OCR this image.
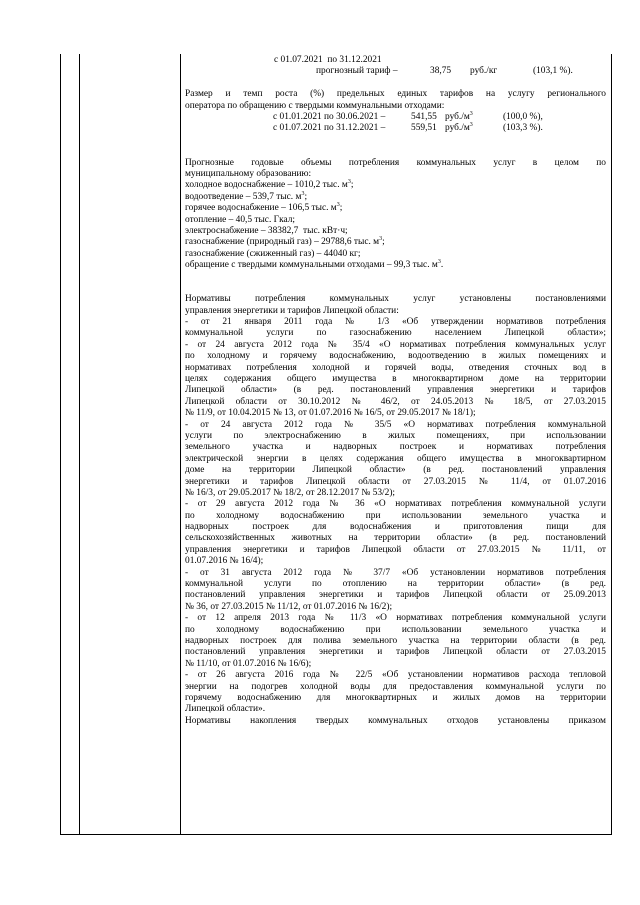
с 01.07.2021  по 31.12.2021
прогнозный тариф –	38,75	руб./кг	(103,1 %).
Размер и темп роста (%) предельных единых тарифов на услугу регионального
оператора по обращению с твердыми коммунальными отходами:
с 01.01.2021 по 30.06.2021 –	541,55 $руб./м^3$	(100,0 %),
с 01.07.2021 по 31.12.2021 –	559,51 $руб./м^3$	(103,3 %).
Прогнозные годовые объемы потребления коммунальных услуг в целом по
муниципальному образованию:
холодное водоснабжение – 1010,2 тыс. $м^3$;
водоотведение – 539,7 тыс. $м^3$;
горячее водоснабжение – 106,5 тыс. $м^3$;
отопление – 40,5 тыс. Гкал;
электроснабжение – 38382,7  тыс. кВт·ч;
газоснабжение (природный газ) – 29788,6 тыс. $м^3$;
газоснабжение (сжиженный газ) – 44040 кг;
обращение с твердыми коммунальными отходами – 99,3 тыс. $м^3$.
Нормативы потребления коммунальных услуг установлены постановлениями
управления энергетики и тарифов Липецкой области:
- от 21 января 2011 года № 1/3 «Об утверждении нормативов потребления
коммунальной услуги по газоснабжению населением Липецкой области»;
- от 24 августа 2012 года № 35/4 «О нормативах потребления коммунальных услуг
по холодному и горячему водоснабжению, водоотведению в жилых помещениях и
нормативах потребления холодной и горячей воды, отведения сточных вод в
целях содержания общего имущества в многоквартирном доме на территории
Липецкой области» (в ред. постановлений управления энергетики и тарифов
Липецкой области от 30.10.2012 № 46/2, от 24.05.2013 № 18/5, от 27.03.2015
№ 11/9, от 10.04.2015 № 13, от 01.07.2016 № 16/5, от 29.05.2017 № 18/1);
- от 24 августа 2012 года № 35/5 «О нормативах потребления коммунальной
услуги по электроснабжению в жилых помещениях, при использовании
земельного участка и надворных построек и нормативах потребления
электрической энергии в целях содержания общего имущества в многоквартирном
доме на территории Липецкой области» (в ред. постановлений управления
энергетики и тарифов Липецкой области от 27.03.2015 № 11/4, от 01.07.2016
№ 16/3, от 29.05.2017 № 18/2, от 28.12.2017 № 53/2);
- от 29 августа 2012 года № 36 «О нормативах потребления коммунальной услуги
по холодному водоснабжению при использовании земельного участка и
надворных построек для водоснабжения и приготовления пищи для
сельскохозяйственных животных на территории области» (в ред. постановлений
управления энергетики и тарифов Липецкой области от 27.03.2015 № 11/11, от
01.07.2016 № 16/4);
- от 31 августа 2012 года № 37/7 «Об установлении нормативов потребления
коммунальной услуги по отоплению на территории области» (в ред.
постановлений управления энергетики и тарифов Липецкой области от 25.09.2013
№ 36, от 27.03.2015 № 11/12, от 01.07.2016 № 16/2);
- от 12 апреля 2013 года № 11/3 «О нормативах потребления коммунальной услуги
по холодному водоснабжению при использовании земельного участка и
надворных построек для полива земельного участка на территории области (в ред.
постановлений управления энергетики и тарифов Липецкой области от 27.03.2015
№ 11/10, от 01.07.2016 № 16/6);
- от 26 августа 2016 года № 22/5 «Об установлении нормативов расхода тепловой
энергии на подогрев холодной воды для предоставления коммунальной услуги по
горячему водоснабжению для многоквартирных и жилых домов на территории
Липецкой области».
Нормативы накопления твердых коммунальных отходов установлены приказом
